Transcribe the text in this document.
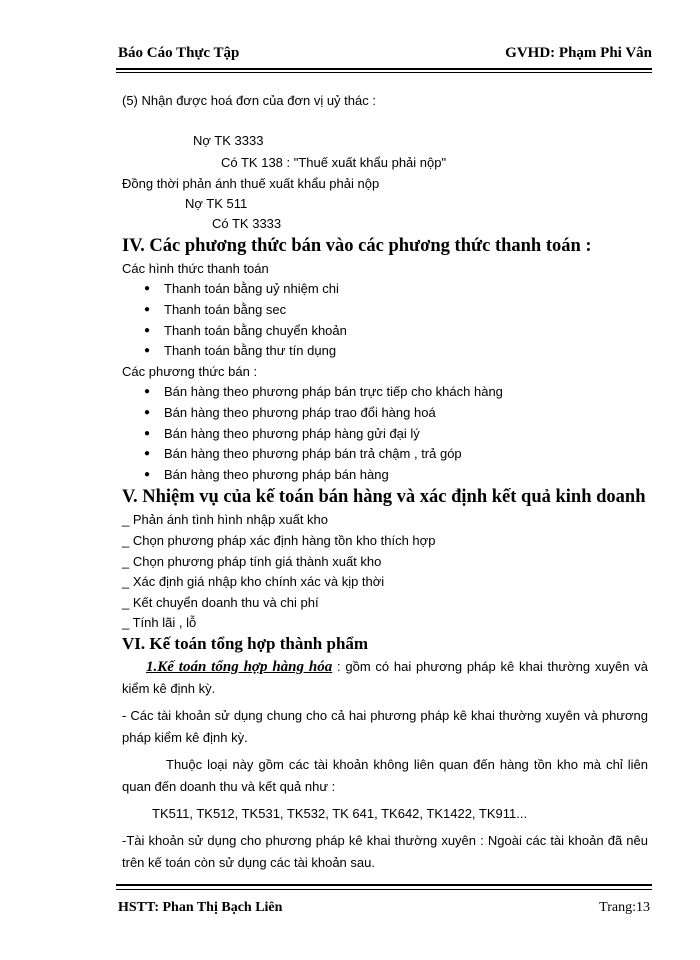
Báo Cáo Thực Tập	GVHD: Phạm Phi Vân
(5) Nhận được hoá đơn của đơn vị uỷ thác :
Nợ TK 3333
Có TK 138 : "Thuế xuất khẩu phải nộp"
Đồng thời phản ánh thuế xuất khẩu phải nộp
Nợ TK 511
Có TK 3333
IV. Các phương thức bán vào các phương thức thanh toán :
Các hình thức thanh toán
● Thanh toán bằng uỷ nhiệm chi
● Thanh toán bằng sec
● Thanh toán bằng chuyển khoản
● Thanh toán bằng thư tín dụng
Các phương thức bán :
● Bán hàng theo phương pháp bán trực tiếp cho khách hàng
● Bán hàng theo phương pháp trao đổi hàng hoá
● Bán hàng theo phương pháp hàng gửi đại lý
● Bán hàng theo phương pháp bán trả chậm , trả góp
● Bán hàng theo phương pháp bán hàng
V. Nhiệm vụ của kế toán bán hàng và xác định kết quả kinh doanh
_ Phản ánh tình hình nhập xuất kho
_ Chọn phương pháp xác định hàng tồn kho thích hợp
_ Chọn phương pháp tính giá thành xuất kho
_ Xác định giá nhập kho chính xác và kịp thời
_ Kết chuyển doanh thu và chi phí
_ Tính lãi , lỗ
VI. Kế toán tổng hợp thành phẩm
1.Kế toán tổng hợp hàng hóa : gồm có hai phương pháp kê khai thường xuyên và kiểm kê định kỳ.
- Các tài khoản sử dụng chung cho cả hai phương pháp kê khai thường xuyên và phương pháp kiểm kê định kỳ.
Thuộc loại này gồm các tài khoản không liên quan đến hàng tồn kho mà chỉ liên quan đến doanh thu và kết quả như :
TK511, TK512, TK531, TK532, TK 641, TK642, TK1422, TK911...
-Tài khoản sử dụng cho phương pháp kê khai thường xuyên : Ngoài các tài khoản đã nêu trên kế toán còn sử dụng các tài khoản sau.
HSTT: Phan Thị Bạch Liên	Trang:13
